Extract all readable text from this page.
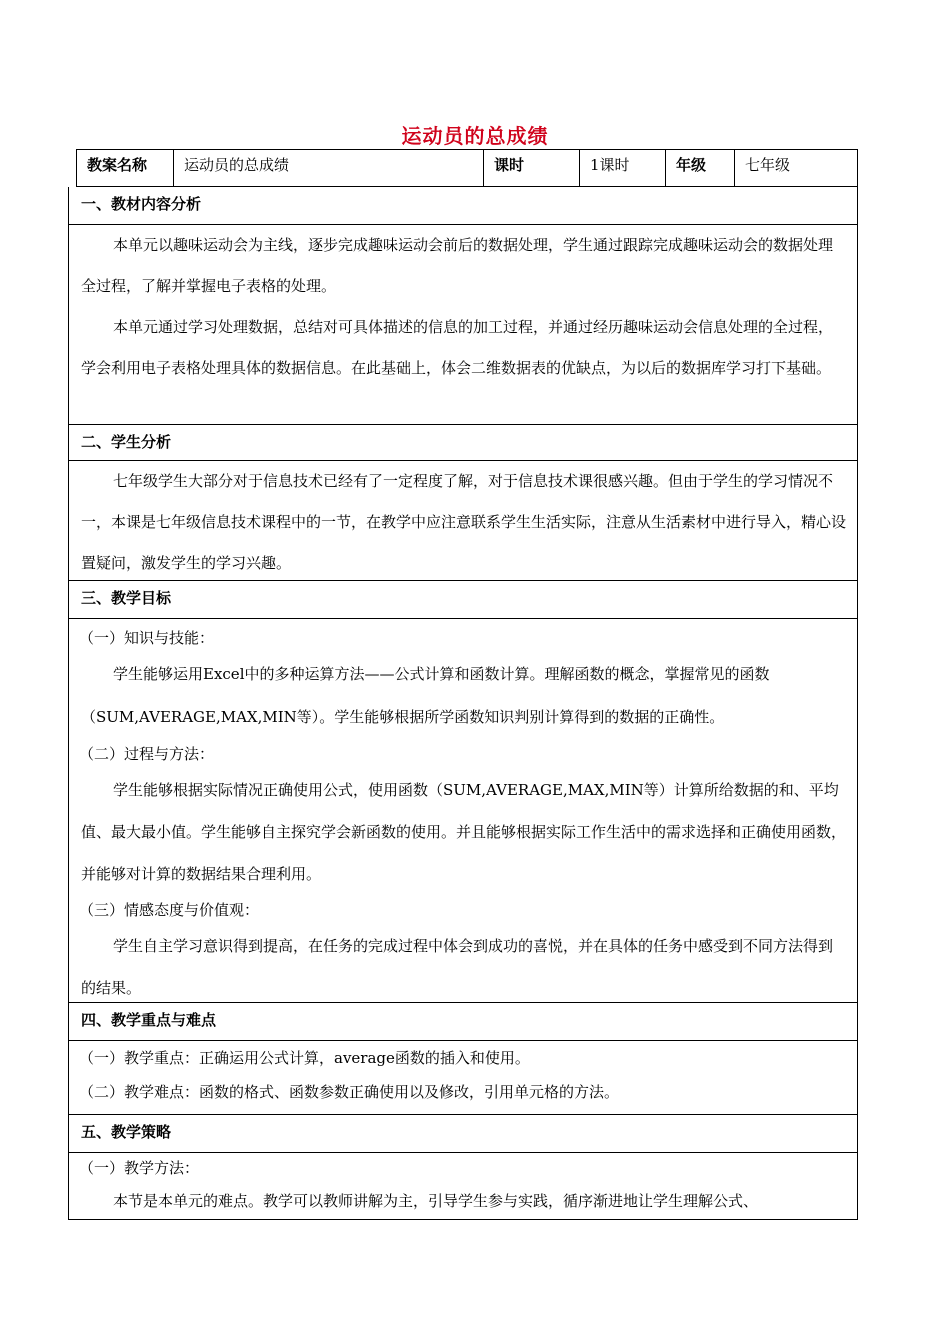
运动员的总成绩
教案名称	运动员的总成绩	课时	1课时	年级	七年级
一、教材内容分析

本单元以趣味运动会为主线，逐步完成趣味运动会前后的数据处理，学生通过跟踪完成趣味运动会的数据处理全过程，了解并掌握电子表格的处理。

本单元通过学习处理数据，总结对可具体描述的信息的加工过程，并通过经历趣味运动会信息处理的全过程，学会利用电子表格处理具体的数据信息。在此基础上，体会二维数据表的优缺点，为以后的数据库学习打下基础。

二、学生分析

七年级学生大部分对于信息技术已经有了一定程度了解，对于信息技术课很感兴趣。但由于学生的学习情况不一，本课是七年级信息技术课程中的一节，在教学中应注意联系学生生活实际，注意从生活素材中进行导入，精心设置疑问，激发学生的学习兴趣。

三、教学目标

（一）知识与技能：

学生能够运用Excel中的多种运算方法——公式计算和函数计算。理解函数的概念，掌握常见的函数（SUM,AVERAGE,MAX,MIN等）。学生能够根据所学函数知识判别计算得到的数据的正确性。

（二）过程与方法：

学生能够根据实际情况正确使用公式，使用函数（SUM,AVERAGE,MAX,MIN等）计算所给数据的和、平均值、最大最小值。学生能够自主探究学会新函数的使用。并且能够根据实际工作生活中的需求选择和正确使用函数，并能够对计算的数据结果合理利用。

（三）情感态度与价值观：

学生自主学习意识得到提高，在任务的完成过程中体会到成功的喜悦，并在具体的任务中感受到不同方法得到的结果。

四、教学重点与难点

（一）教学重点：正确运用公式计算，average函数的插入和使用。

（二）教学难点：函数的格式、函数参数正确使用以及修改，引用单元格的方法。

五、教学策略

（一）教学方法：

本节是本单元的难点。教学可以教师讲解为主，引导学生参与实践，循序渐进地让学生理解公式、
